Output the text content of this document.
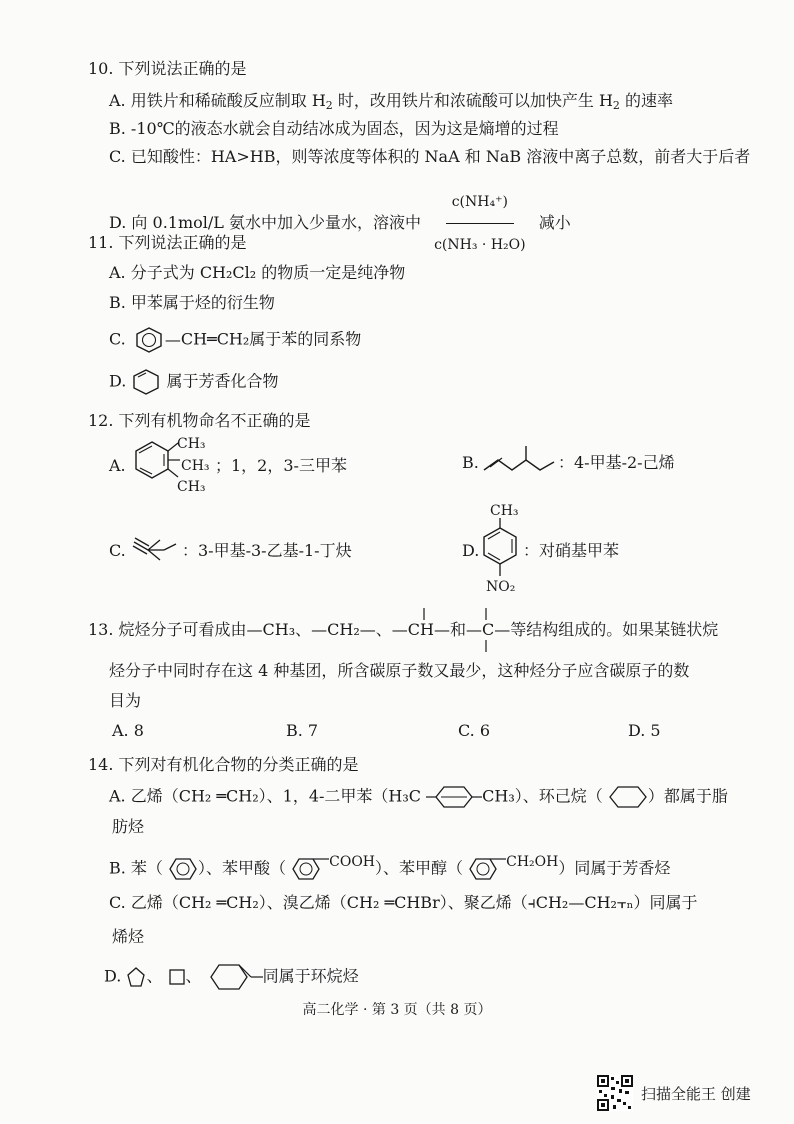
10. 下列说法正确的是
A. 用铁片和稀硫酸反应制取 $H_2$ 时，改用铁片和浓硫酸可以加快产生 $H_2$ 的速率
B. -10℃的液态水就会自动结冰成为固态，因为这是熵增的过程
C. 已知酸性：HA>HB，则等浓度等体积的 NaA 和 NaB 溶液中离子总数，前者大于后者
D. 向 0.1mol/L 氨水中加入少量水，溶液中 $\frac{\text{c(NH₄⁺)}}{\text{c(NH₃ · H₂O)}}$ 减小
11. 下列说法正确的是
A. 分子式为 CH₂Cl₂ 的物质一定是纯净物
B. 甲苯属于烃的衍生物
C. —CH═CH₂属于苯的同系物
D.	属于芳香化合物
12. 下列有机物命名不正确的是
A.
CH₃
CH₃
CH₃
；1，2，3-三甲苯	B.	：4-甲基-2-己烯
C.	：3-甲基-3-乙基-1-丁炔	D.
CH₃
NO₂
：对硝基甲苯
13. 烷烃分子可看成由—CH₃、—CH₂—、—CH—和—C—等结构组成的。如果某链状烷
烃分子中同时存在这 4 种基团，所含碳原子数又最少，这种烃分子应含碳原子的数
目为
A. 8	B. 7	C. 6	D. 5
14. 下列对有机化合物的分类正确的是
A. 乙烯（CH₂ ═CH₂）、1，4-二甲苯（H₃C	CH₃）、环己烷（	）都属于脂
肪烃
B. 苯（ ）、苯甲酸（	COOH）、苯甲醇（	CH₂OH）同属于芳香烃
C. 乙烯（CH₂ ═CH₂）、溴乙烯（CH₂ ═CHBr）、聚乙烯（⫞CH₂—CH₂⫟ₙ）同属于
烯烃
D. 、 、	同属于环烷烃
高二化学 · 第 3 页（共 8 页）
扫描全能王 创建
